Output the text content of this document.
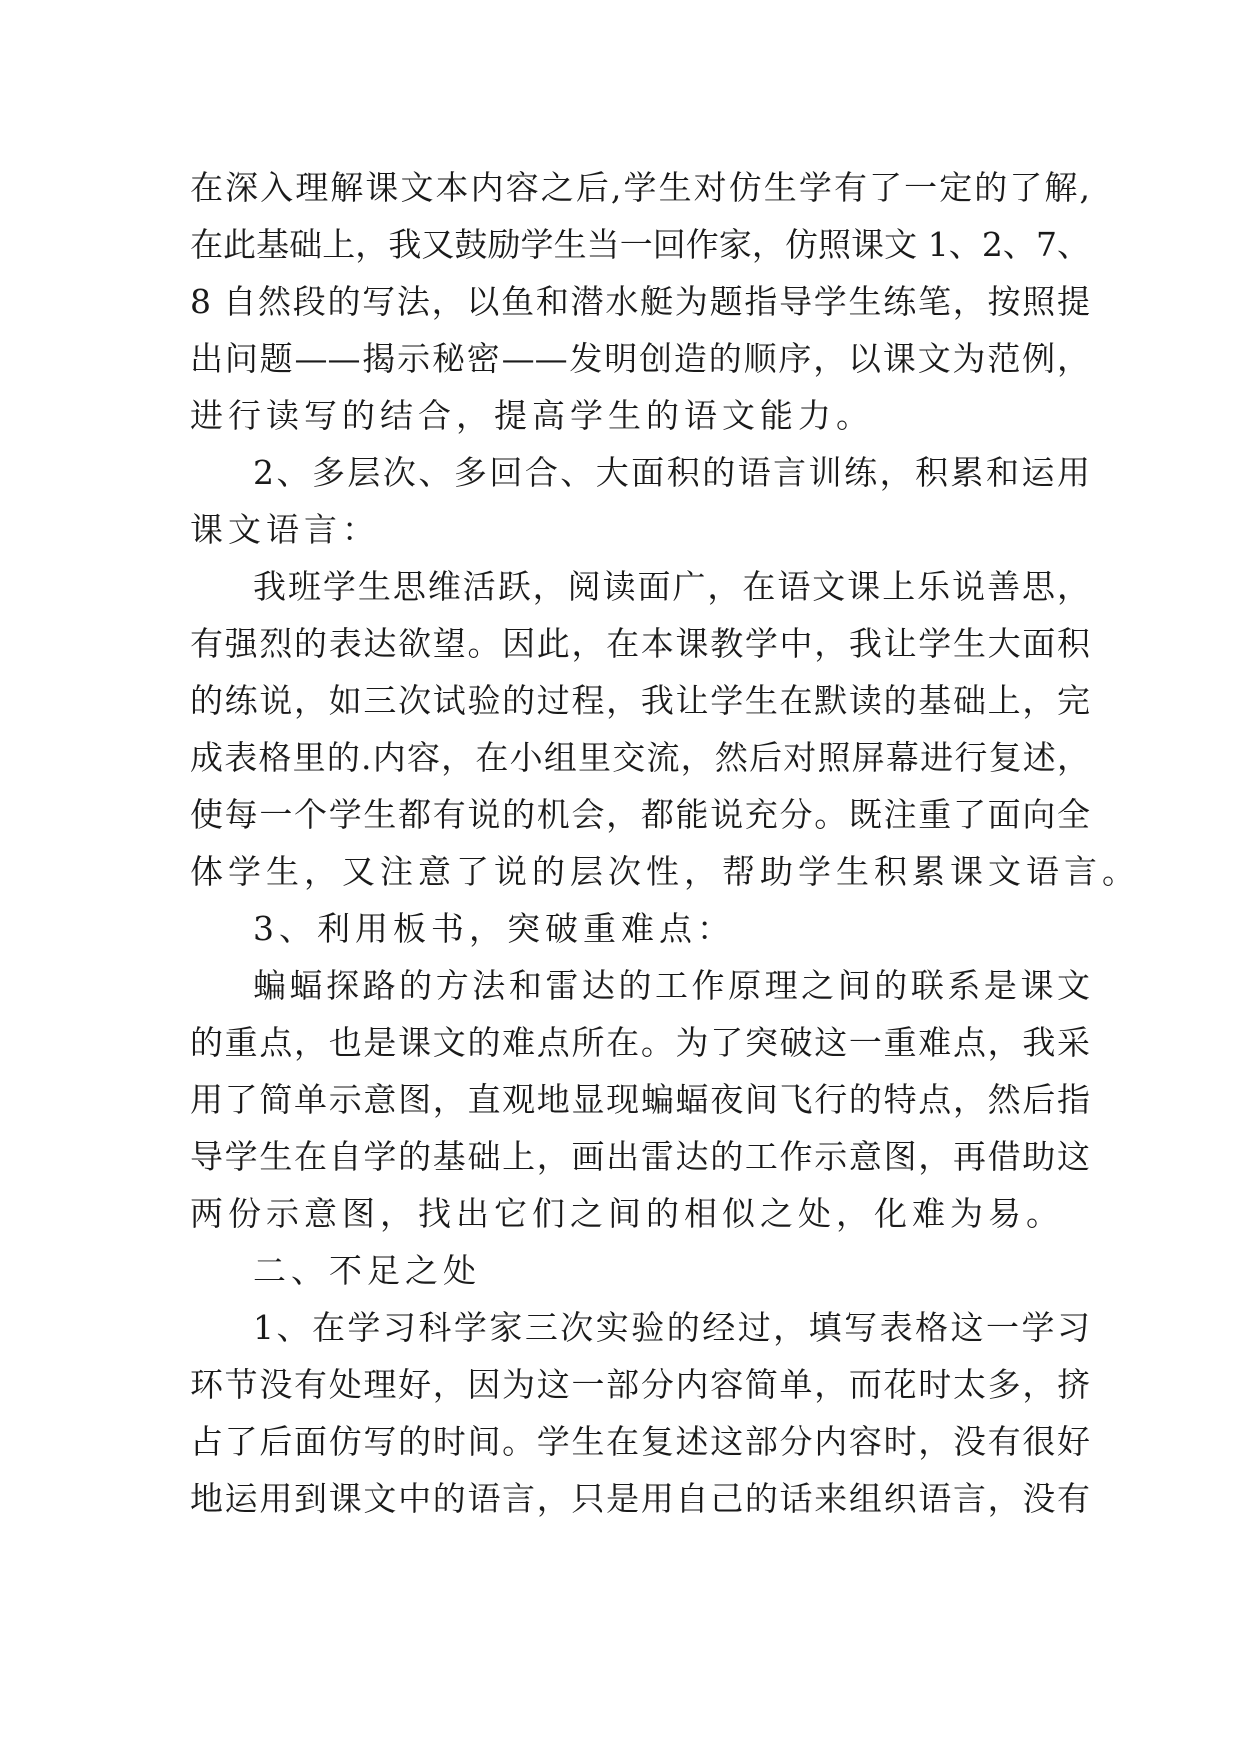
在深入理解课文本内容之后,学生对仿生学有了一定的了解,
在此基础上，我又鼓励学生当一回作家，仿照课文 1、2、7、
8 自然段的写法，以鱼和潜水艇为题指导学生练笔，按照提
出问题——揭示秘密——发明创造的顺序，以课文为范例，
进行读写的结合，提高学生的语文能力。
2、多层次、多回合、大面积的语言训练，积累和运用
课文语言：
我班学生思维活跃，阅读面广，在语文课上乐说善思，
有强烈的表达欲望。因此，在本课教学中，我让学生大面积
的练说，如三次试验的过程，我让学生在默读的基础上，完
成表格里的.内容，在小组里交流，然后对照屏幕进行复述，
使每一个学生都有说的机会，都能说充分。既注重了面向全
体学生，又注意了说的层次性，帮助学生积累课文语言。
3、利用板书，突破重难点：
蝙蝠探路的方法和雷达的工作原理之间的联系是课文
的重点，也是课文的难点所在。为了突破这一重难点，我采
用了简单示意图，直观地显现蝙蝠夜间飞行的特点，然后指
导学生在自学的基础上，画出雷达的工作示意图，再借助这
两份示意图，找出它们之间的相似之处，化难为易。
二、不足之处
1、在学习科学家三次实验的经过，填写表格这一学习
环节没有处理好，因为这一部分内容简单，而花时太多，挤
占了后面仿写的时间。学生在复述这部分内容时，没有很好
地运用到课文中的语言，只是用自己的话来组织语言，没有
